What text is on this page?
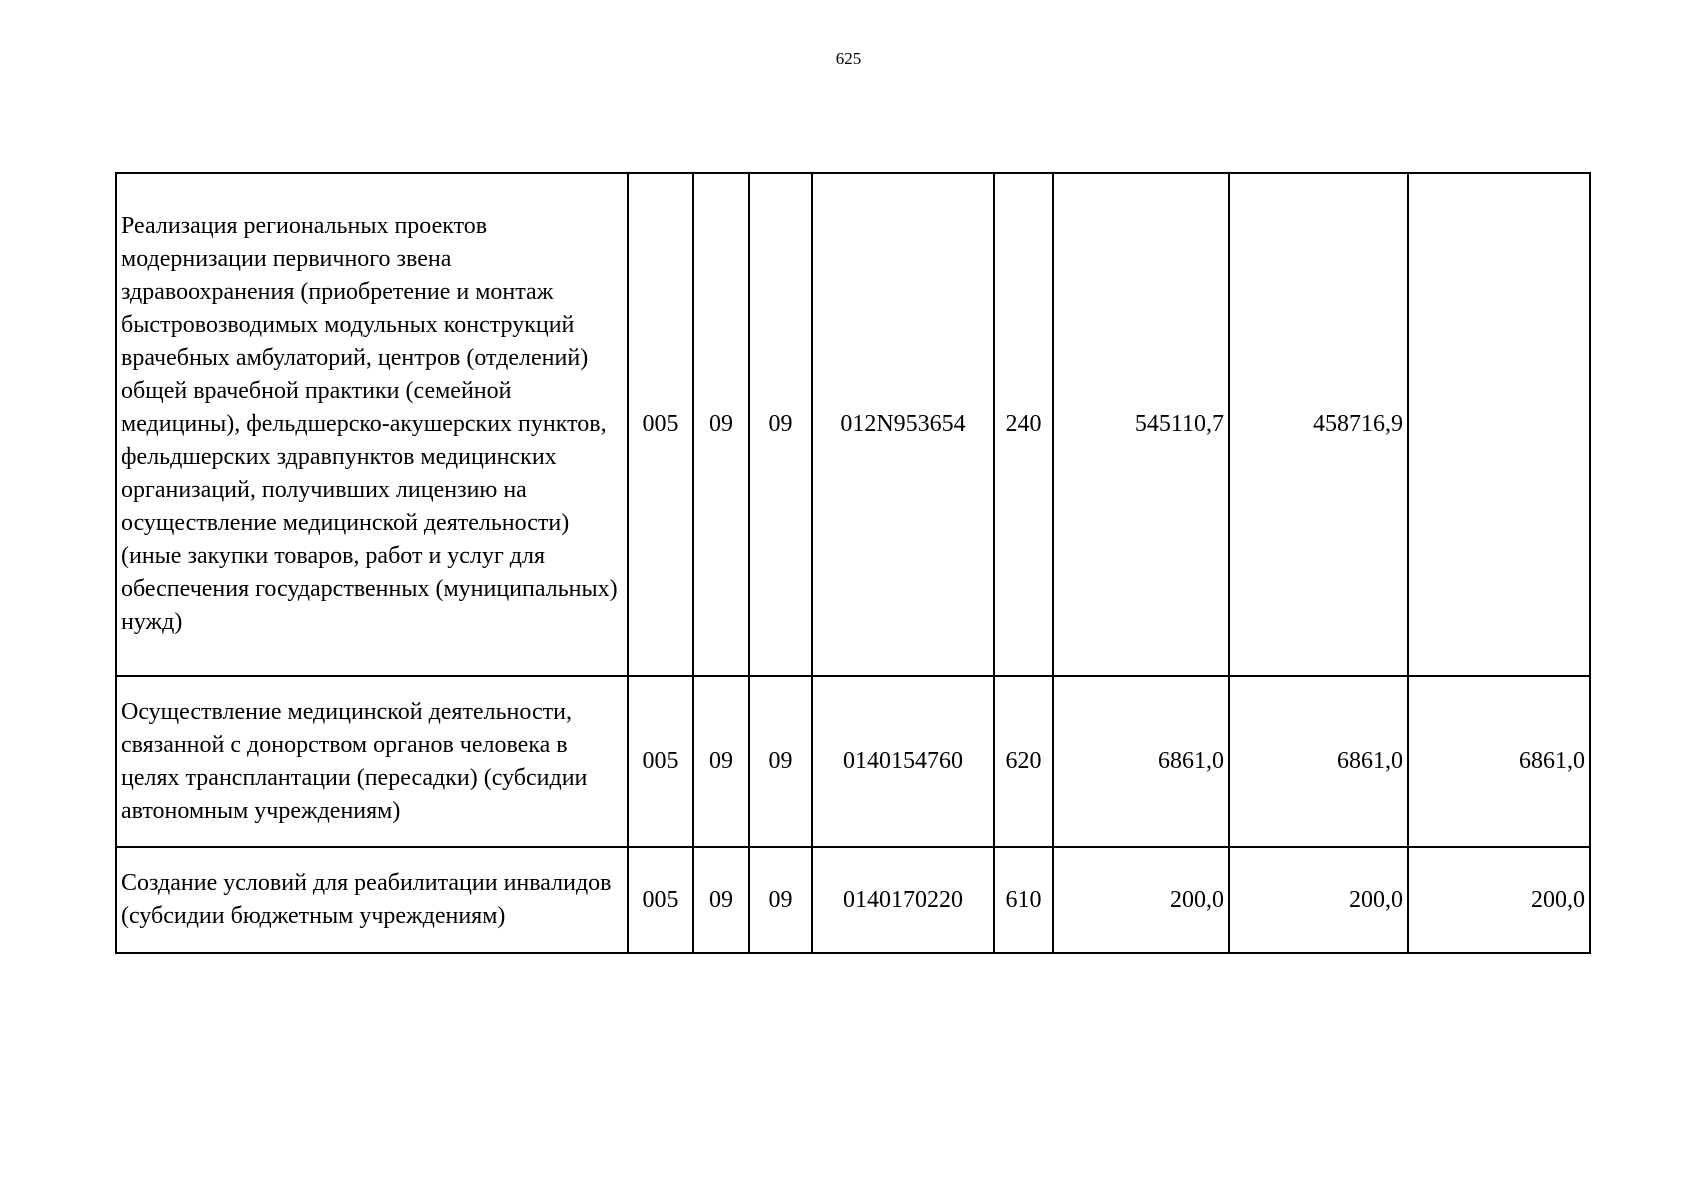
625
Реализация региональных проектов модернизации первичного звена здравоохранения (приобретение и монтаж быстровозводимых модульных конструкций врачебных амбулаторий, центров (отделений) общей врачебной практики (семейной медицины), фельдшерско-акушерских пунктов, фельдшерских здравпунктов медицинских организаций, получивших лицензию на осуществление медицинской деятельности) (иные закупки товаров, работ и услуг для обеспечения государственных (муниципальных) нужд)	005	09	09	012N953654	240	545110,7	458716,9	
Осуществление медицинской деятельности, связанной с донорством органов человека в целях трансплантации (пересадки) (субсидии автономным учреждениям)	005	09	09	0140154760	620	6861,0	6861,0	6861,0
Создание условий для реабилитации инвалидов (субсидии бюджетным учреждениям)	005	09	09	0140170220	610	200,0	200,0	200,0
